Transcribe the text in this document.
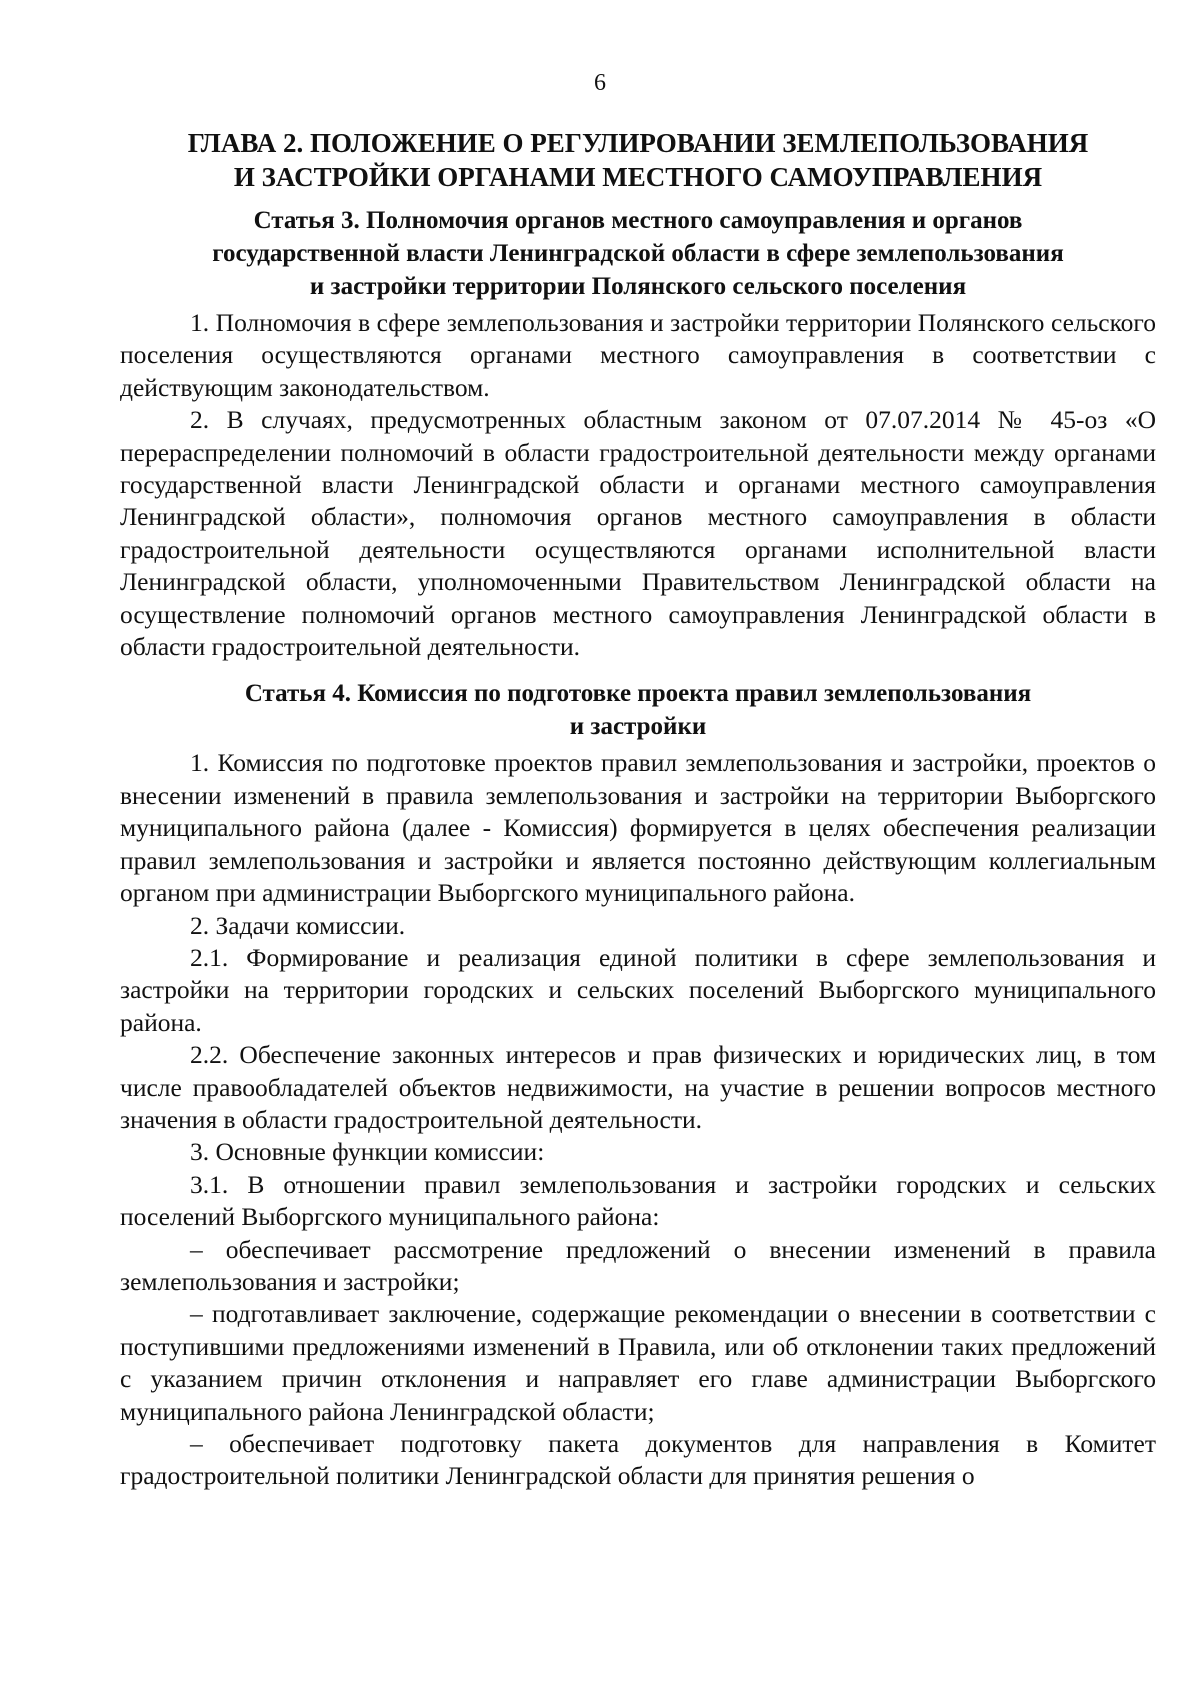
6
ГЛАВА 2. ПОЛОЖЕНИЕ О РЕГУЛИРОВАНИИ ЗЕМЛЕПОЛЬЗОВАНИЯ
И ЗАСТРОЙКИ ОРГАНАМИ МЕСТНОГО САМОУПРАВЛЕНИЯ
Статья 3. Полномочия органов местного самоуправления и органов
государственной власти Ленинградской области в сфере землепользования
и застройки территории Полянского сельского поселения

1. Полномочия в сфере землепользования и застройки территории Полянского сельского поселения осуществляются органами местного самоуправления в соответствии с действующим законодательством.

2. В случаях, предусмотренных областным законом от 07.07.2014 № 45-оз «О перераспределении полномочий в области градостроительной деятельности между органами государственной власти Ленинградской области и органами местного самоуправления Ленинградской области», полномочия органов местного самоуправления в области градостроительной деятельности осуществляются органами исполнительной власти Ленинградской области, уполномоченными Правительством Ленинградской области на осуществление полномочий органов местного самоуправления Ленинградской области в области градостроительной деятельности.

Статья 4. Комиссия по подготовке проекта правил землепользования
и застройки

1. Комиссия по подготовке проектов правил землепользования и застройки, проектов о внесении изменений в правила землепользования и застройки на территории Выборгского муниципального района (далее - Комиссия) формируется в целях обеспечения реализации правил землепользования и застройки и является постоянно действующим коллегиальным органом при администрации Выборгского муниципального района.

2. Задачи комиссии.

2.1. Формирование и реализация единой политики в сфере землепользования и застройки на территории городских и сельских поселений Выборгского муниципального района.

2.2. Обеспечение законных интересов и прав физических и юридических лиц, в том числе правообладателей объектов недвижимости, на участие в решении вопросов местного значения в области градостроительной деятельности.

3. Основные функции комиссии:

3.1. В отношении правил землепользования и застройки городских и сельских поселений Выборгского муниципального района:

– обеспечивает рассмотрение предложений о внесении изменений в правила землепользования и застройки;

– подготавливает заключение, содержащие рекомендации о внесении в соответствии с поступившими предложениями изменений в Правила, или об отклонении таких предложений с указанием причин отклонения и направляет его главе администрации Выборгского муниципального района Ленинградской области;

– обеспечивает подготовку пакета документов для направления в Комитет градостроительной политики Ленинградской области для принятия решения о
